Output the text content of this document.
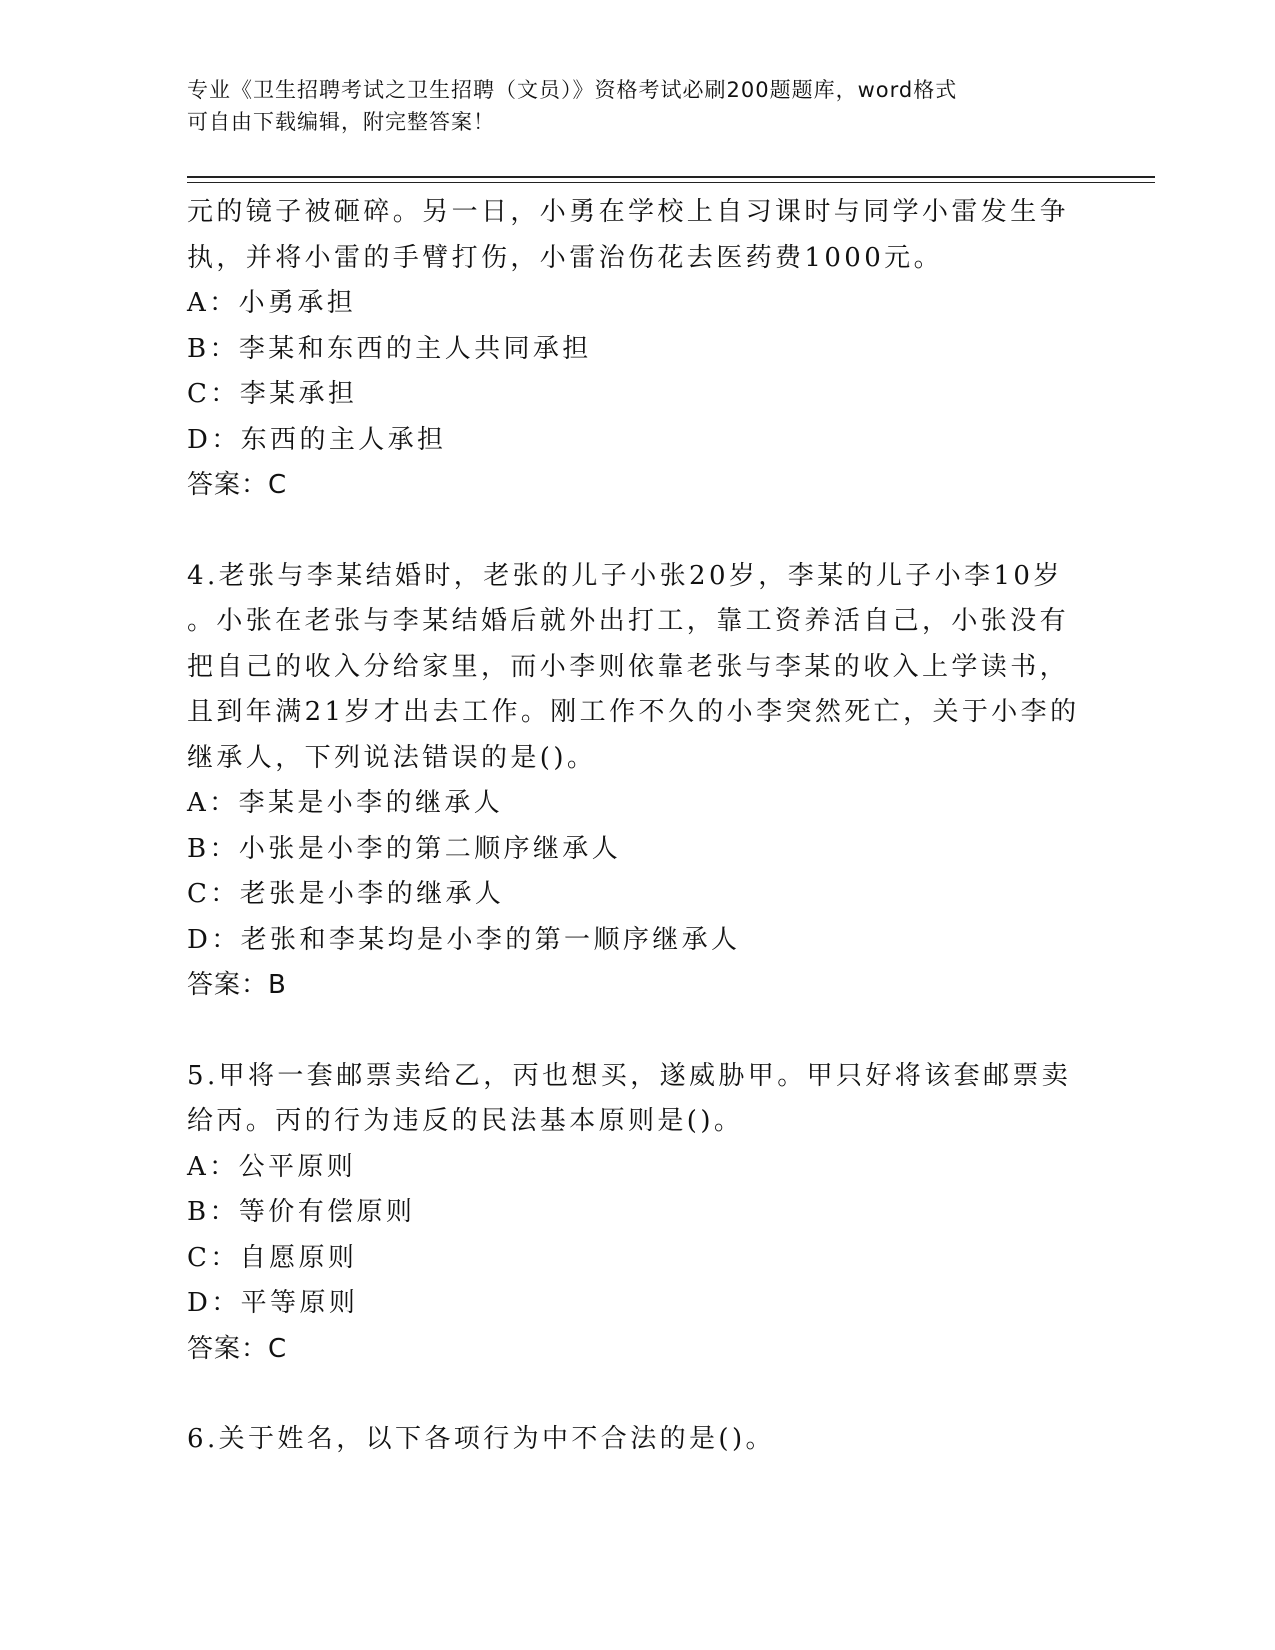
专业《卫生招聘考试之卫生招聘（文员）》资格考试必刷200题题库，word格式
可自由下载编辑，附完整答案！
元的镜子被砸碎。另一日，小勇在学校上自习课时与同学小雷发生争
执，并将小雷的手臂打伤，小雷治伤花去医药费1000元。
A：小勇承担
B：李某和东西的主人共同承担
C：李某承担
D：东西的主人承担
答案：C
4.老张与李某结婚时，老张的儿子小张20岁，李某的儿子小李10岁
。小张在老张与李某结婚后就外出打工，靠工资养活自己，小张没有
把自己的收入分给家里，而小李则依靠老张与李某的收入上学读书，
且到年满21岁才出去工作。刚工作不久的小李突然死亡，关于小李的
继承人，下列说法错误的是()。
A：李某是小李的继承人
B：小张是小李的第二顺序继承人
C：老张是小李的继承人
D：老张和李某均是小李的第一顺序继承人
答案：B
5.甲将一套邮票卖给乙，丙也想买，遂威胁甲。甲只好将该套邮票卖
给丙。丙的行为违反的民法基本原则是()。
A：公平原则
B：等价有偿原则
C：自愿原则
D：平等原则
答案：C
6.关于姓名，以下各项行为中不合法的是()。
